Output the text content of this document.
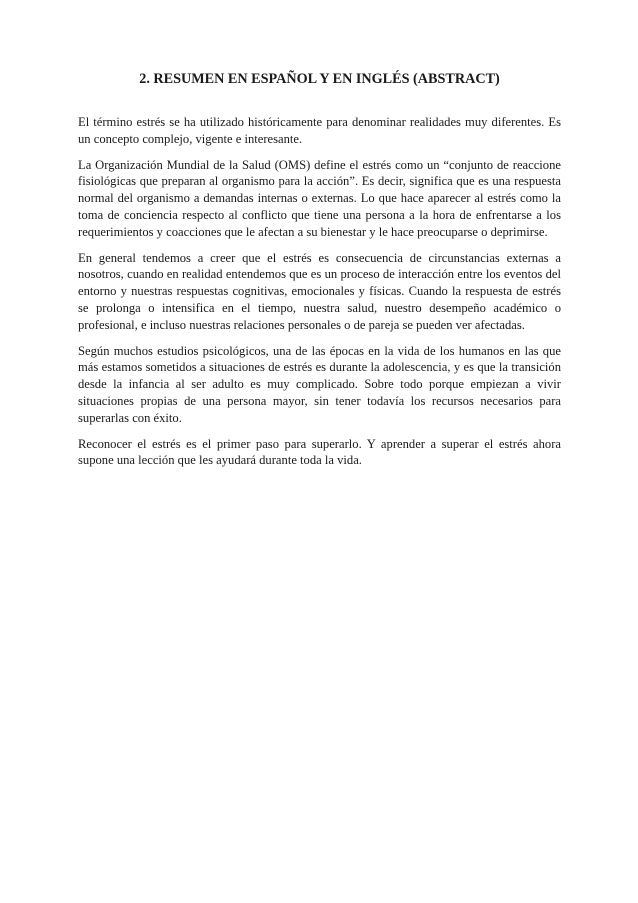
2. RESUMEN EN ESPAÑOL Y EN INGLÉS (ABSTRACT)

El término estrés se ha utilizado históricamente para denominar realidades muy diferentes. Es un concepto complejo, vigente e interesante.

La Organización Mundial de la Salud (OMS) define el estrés como un “conjunto de reaccione fisiológicas que preparan al organismo para la acción”. Es decir, significa que es una respuesta normal del organismo a demandas internas o externas. Lo que hace aparecer al estrés como la toma de conciencia respecto al conflicto que tiene una persona a la hora de enfrentarse a los requerimientos y coacciones que le afectan a su bienestar y le hace preocuparse o deprimirse.

En general tendemos a creer que el estrés es consecuencia de circunstancias externas a nosotros, cuando en realidad entendemos que es un proceso de interacción entre los eventos del entorno y nuestras respuestas cognitivas, emocionales y físicas. Cuando la respuesta de estrés se prolonga o intensifica en el tiempo, nuestra salud, nuestro desempeño académico o profesional, e incluso nuestras relaciones personales o de pareja se pueden ver afectadas.

Según muchos estudios psicológicos, una de las épocas en la vida de los humanos en las que más estamos sometidos a situaciones de estrés es durante la adolescencia, y es que la transición desde la infancia al ser adulto es muy complicado. Sobre todo porque empiezan a vivir situaciones propias de una persona mayor, sin tener todavía los recursos necesarios para superarlas con éxito.

Reconocer el estrés es el primer paso para superarlo. Y aprender a superar el estrés ahora supone una lección que les ayudará durante toda la vida.
